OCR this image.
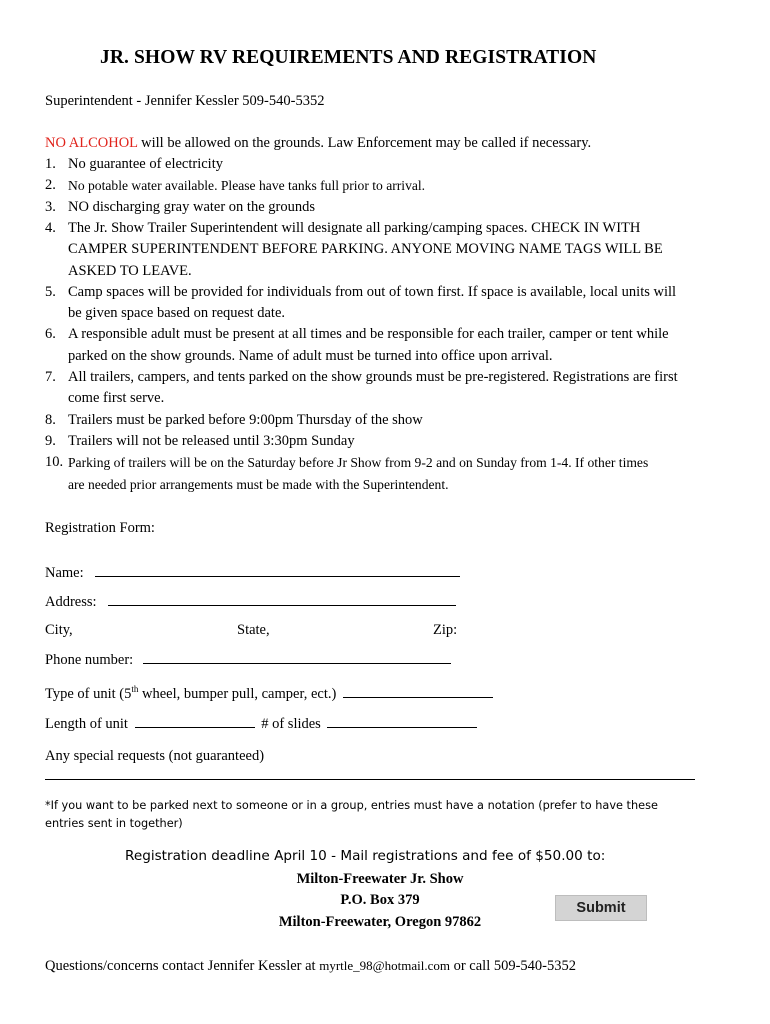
JR. SHOW RV REQUIREMENTS AND REGISTRATION
Superintendent - Jennifer Kessler 509-540-5352
NO ALCOHOL will be allowed on the grounds. Law Enforcement may be called if necessary.
1. No guarantee of electricity
2. No potable water available. Please have tanks full prior to arrival.
3. NO discharging gray water on the grounds
4. The Jr. Show Trailer Superintendent will designate all parking/camping spaces. CHECK IN WITH
CAMPER SUPERINTENDENT BEFORE PARKING. ANYONE MOVING NAME TAGS WILL BE
ASKED TO LEAVE.
5. Camp spaces will be provided for individuals from out of town first. If space is available, local units will
be given space based on request date.
6. A responsible adult must be present at all times and be responsible for each trailer, camper or tent while
parked on the show grounds. Name of adult must be turned into office upon arrival.
7. All trailers, campers, and tents parked on the show grounds must be pre-registered. Registrations are first
come first serve.
8. Trailers must be parked before 9:00pm Thursday of the show
9. Trailers will not be released until 3:30pm Sunday
10. Parking of trailers will be on the Saturday before Jr Show from 9-2 and on Sunday from 1-4. If other times
are needed prior arrangements must be made with the Superintendent.
Registration Form:
Name:
Address:
City,	State,	Zip:
Phone number:
Type of unit (5th wheel, bumper pull, camper, ect.)
Length of unit	# of slides
Any special requests (not guaranteed)
*If you want to be parked next to someone or in a group, entries must have a notation (prefer to have these
entries sent in together)
Registration deadline April 10 - Mail registrations and fee of $50.00 to:
Milton-Freewater Jr. Show
P.O. Box 379
Milton-Freewater, Oregon 97862
Submit
Questions/concerns contact Jennifer Kessler at myrtle_98@hotmail.com or call 509-540-5352
